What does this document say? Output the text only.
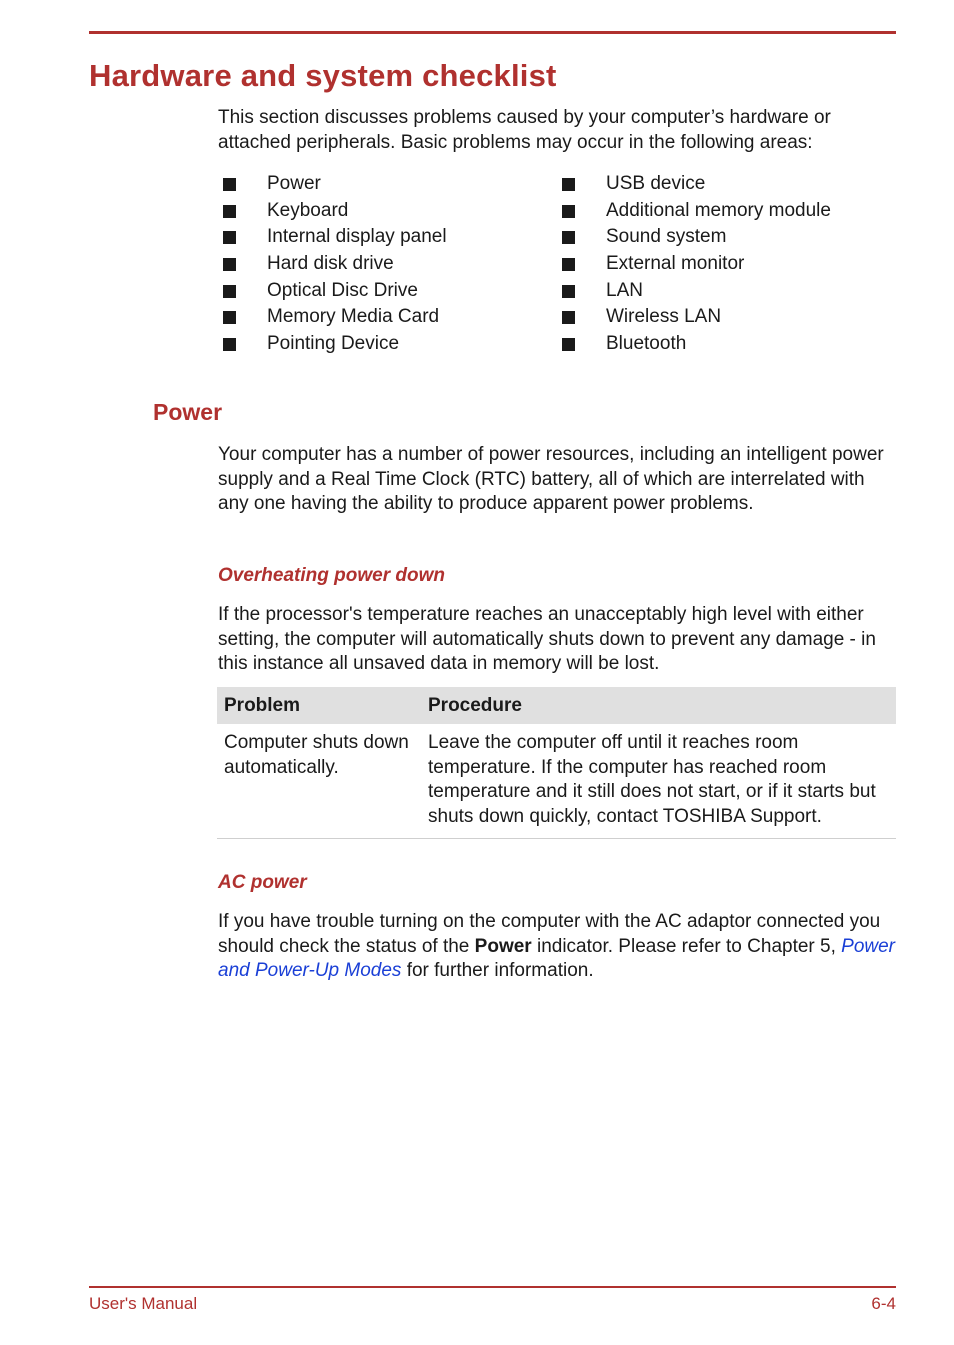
Hardware and system checklist

This section discusses problems caused by your computer’s hardware or attached peripherals. Basic problems may occur in the following areas:

Power
Keyboard
Internal display panel
Hard disk drive
Optical Disc Drive
Memory Media Card
Pointing Device
USB device
Additional memory module
Sound system
External monitor
LAN
Wireless LAN
Bluetooth
Power

Your computer has a number of power resources, including an intelligent power supply and a Real Time Clock (RTC) battery, all of which are interrelated with any one having the ability to produce apparent power problems.

Overheating power down

If the processor's temperature reaches an unacceptably high level with either setting, the computer will automatically shuts down to prevent any damage - in this instance all unsaved data in memory will be lost.

Problem	Procedure
Computer shuts down automatically.	Leave the computer off until it reaches room temperature. If the computer has reached room temperature and it still does not start, or if it starts but shuts down quickly, contact TOSHIBA Support.
AC power

If you have trouble turning on the computer with the AC adaptor connected you should check the status of the Power indicator. Please refer to Chapter 5, Power and Power-Up Modes for further information.

User's Manual	6-4
